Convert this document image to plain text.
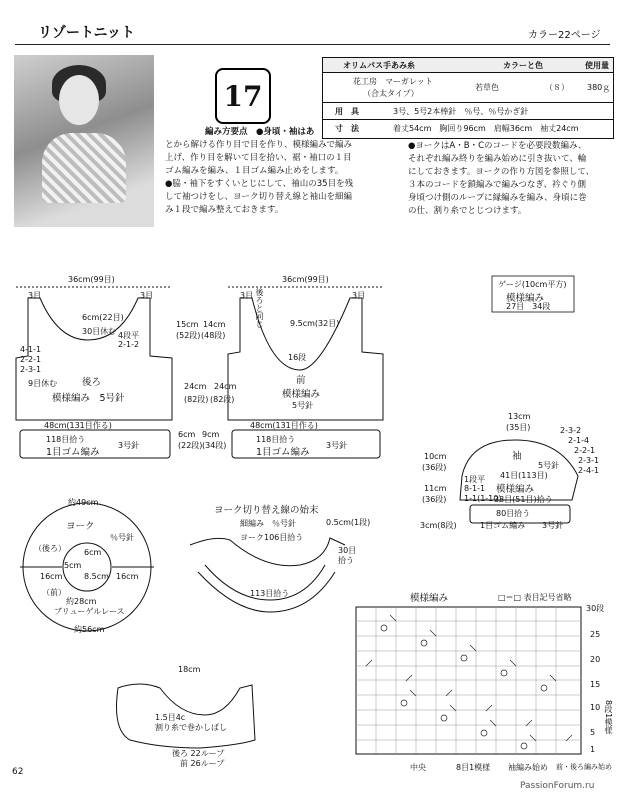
リゾートニット	カラー22ページ
17
オリムパス手あみ糸	カラーと色	使用量
花工房　マーガレット
（合太タイプ）
若草色	（８） 380ｇ
用　具	3号、5号2本棒針　％号、％号かぎ針
寸　法	着丈54cm　胸回り96cm　肩幅36cm　袖丈24cm
編み方要点　●身頃・袖はあ
とから解ける作り目で目を作り、模様編みで編み
上げ、作り目を解いて目を拾い、裾・袖口の１目
ゴム編みを編み、１目ゴム編み止めをします。
●脇・袖下をすくいとじにして、袖山の35目を残
して袖つけをし、ヨーク切り替え線と袖山を細編
み１段で編み整えておきます。
●ヨークはA・B・Cのコードを必要段数編み、
それぞれ編み終りを編み始めに引き抜いて、輪
にしておきます。ヨークの作り方図を参照して、
３本のコードを鎖編みで編みつなぎ、衿ぐり側
身頃つけ側のループに縁編みを編み、身頃に巻
の仕、割り糸でとじつけます。
ゲージ(10cm平方)
模様編み
27目　34段
36cm(99目)
3目	3目
6cm(22目)
30目休む 4段平
2-1-2
4-1-1
2-2-1
2-3-1
9目休む	後ろ
模様編み　5号針
15cm
(52段)
24cm
(82段)
6cm
(22段)
48cm(131目作る)
118目拾う
1目ゴム編み
3号針
36cm(99目)
3目	3目
後ろと同じ	9.5cm(32目)
16段
14cm
(48段)
前
模様編み
5号針
24cm
(82段)
48cm(131目作る)
118目拾う
1目ゴム編み
3号針
9cm
(34段)
13cm
(35目)
袖
5号針
41目(113目)
模様編み
33目(51目)拾う
80目拾う
1目ゴム編み 3号針
10cm
(36段)
11cm
(36段)
3cm(8段)
2-3-2
2-1-4
2-2-1
2-3-1
2-4-1
1段平
8-1-1
1-1(1-10)
約49cm
ヨーク
％号針
（後ろ）
（前）
6cm
5cm
8.5cm
約28cm
ブリューゲルレース
16cm	16cm
約56cm
ヨーク切り替え線の始末
細編み　％号針
ヨーク106目拾う
0.5cm(1段)
30目
拾う
113目拾う
18cm
1.5目4c
割り糸で巻かしばし
後ろ 22ループ
前 26ループ
模様編み	□＝□ 表目記号省略
30段
25
20
15
10
5
1
8段1模様
中央	8目1模様 袖編み始め 前・後ろ編み始め
62
PassionForum.ru
